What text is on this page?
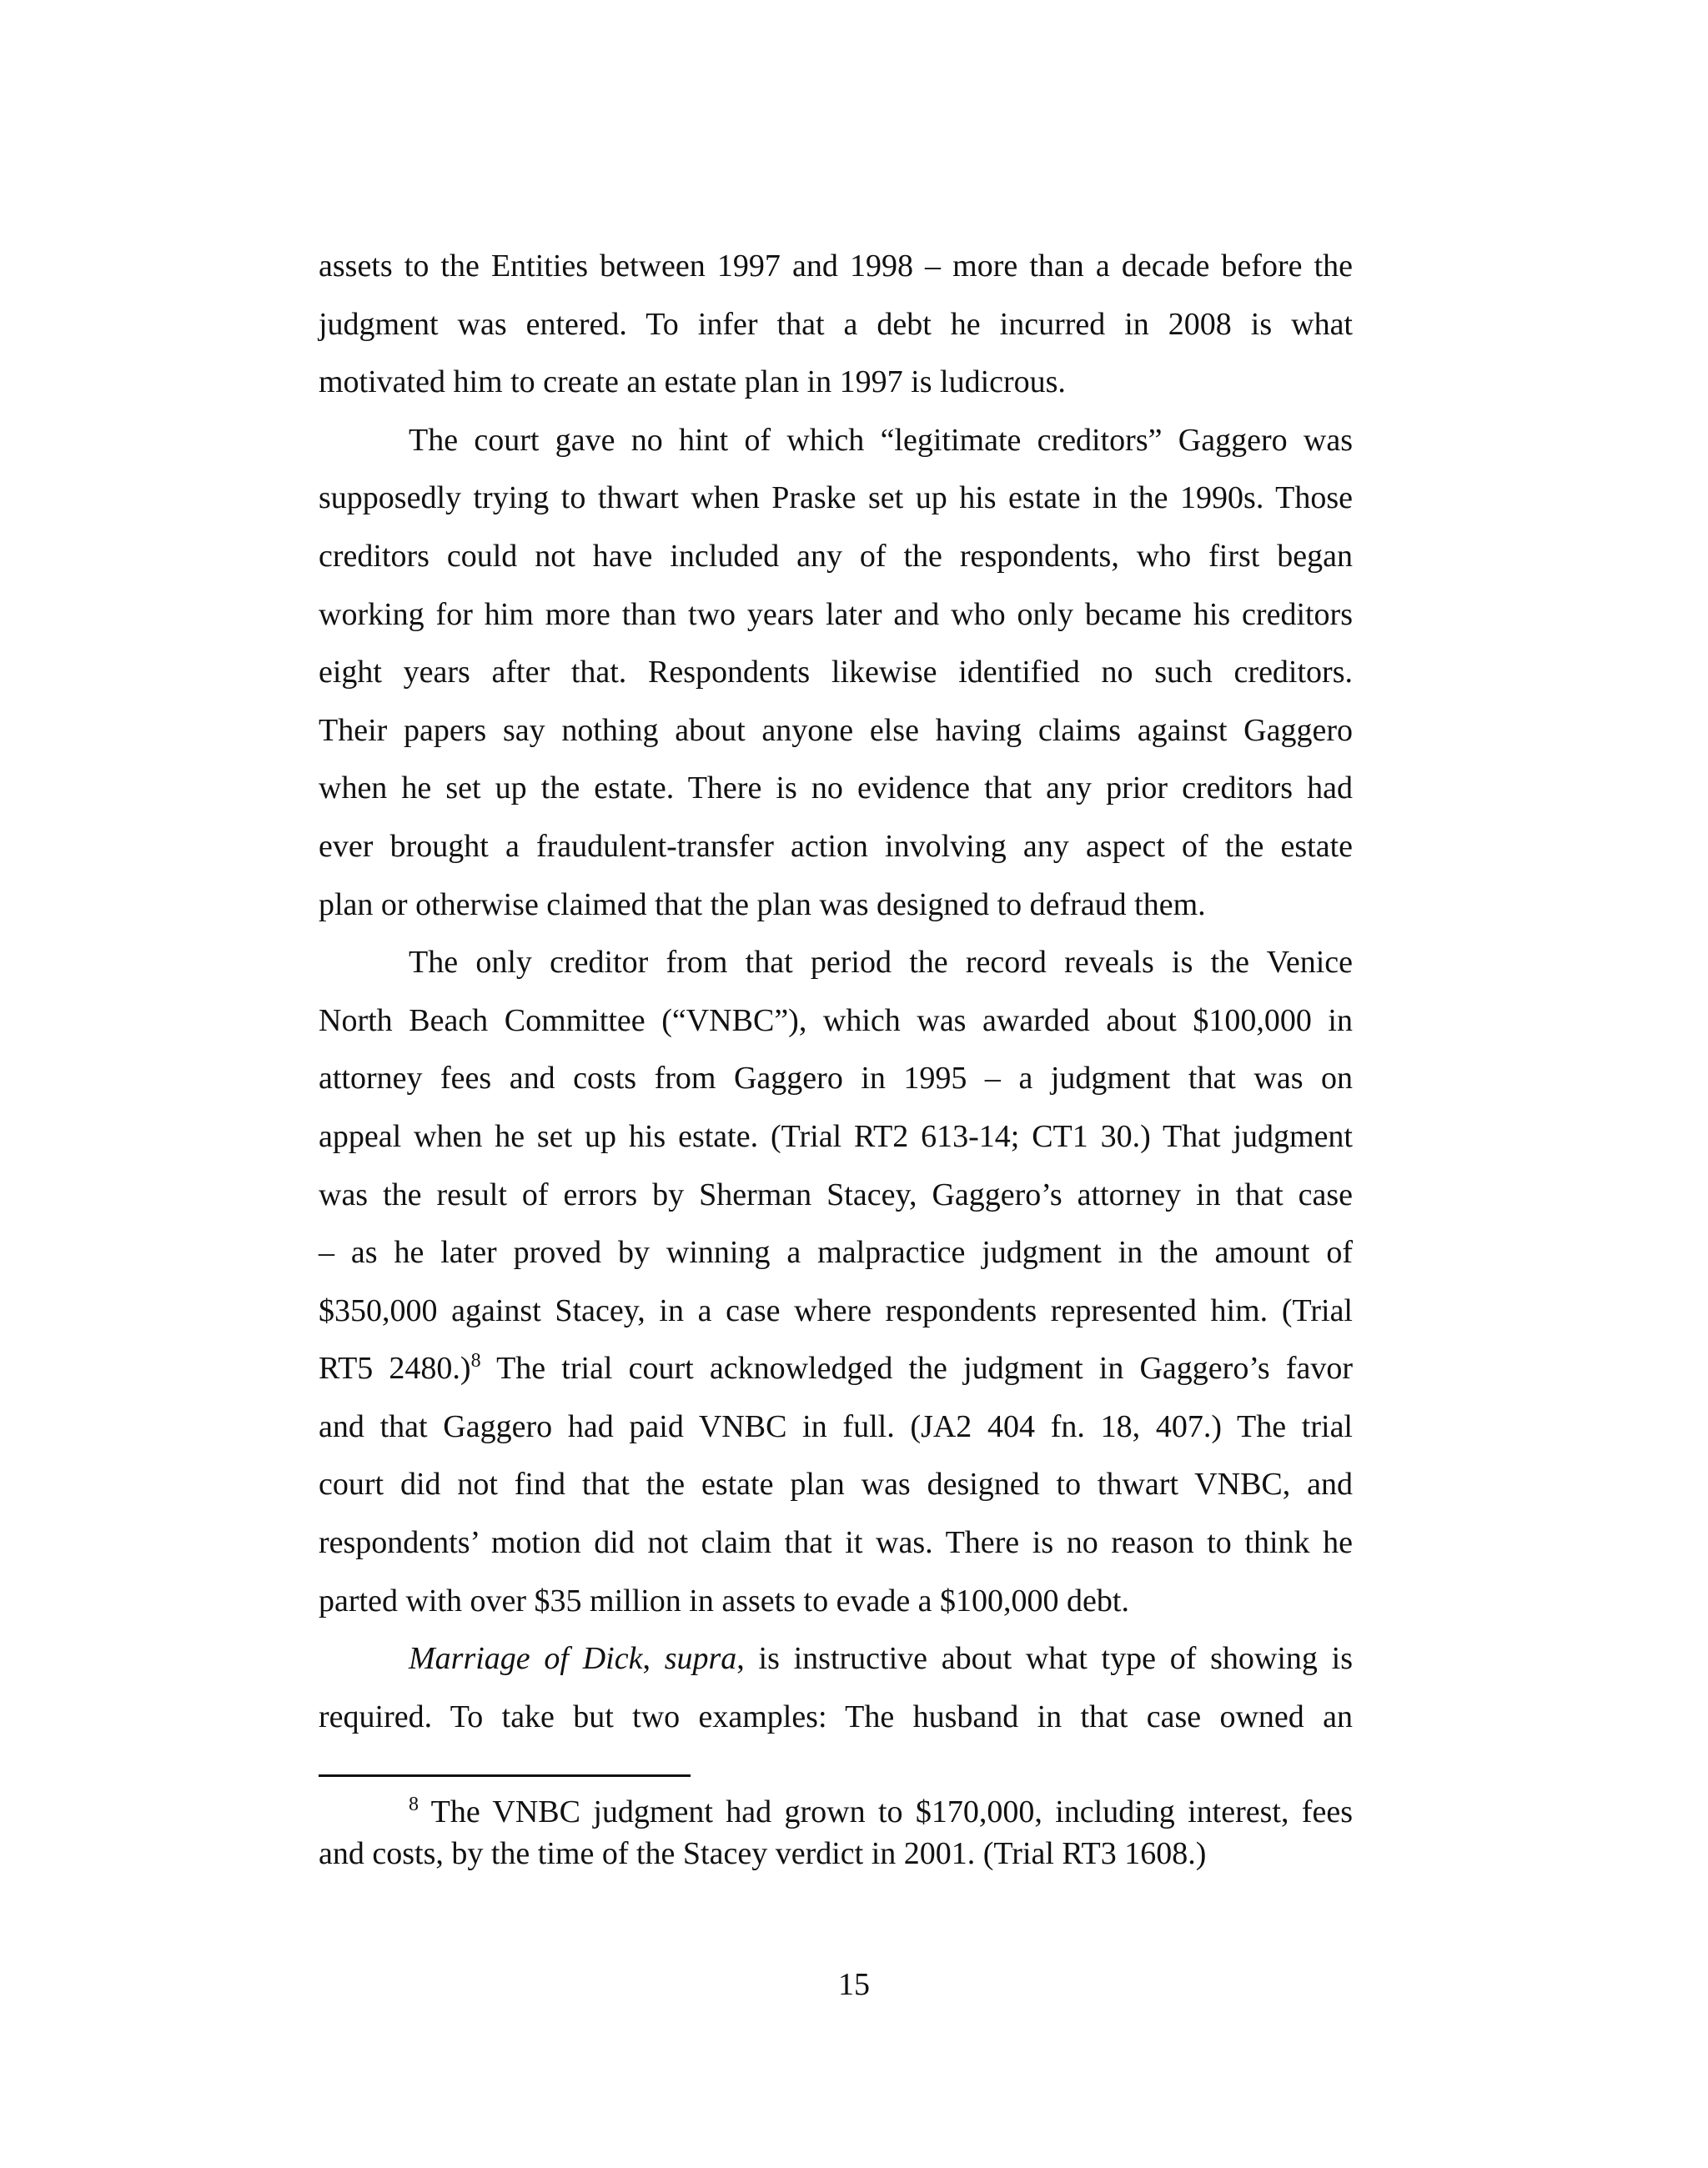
assets to the Entities between 1997 and 1998 – more than a decade before the
judgment was entered. To infer that a debt he incurred in 2008 is what
motivated him to create an estate plan in 1997 is ludicrous.
The court gave no hint of which “legitimate creditors” Gaggero was
supposedly trying to thwart when Praske set up his estate in the 1990s. Those
creditors could not have included any of the respondents, who first began
working for him more than two years later and who only became his creditors
eight years after that. Respondents likewise identified no such creditors.
Their papers say nothing about anyone else having claims against Gaggero
when he set up the estate. There is no evidence that any prior creditors had
ever brought a fraudulent-transfer action involving any aspect of the estate
plan or otherwise claimed that the plan was designed to defraud them.
The only creditor from that period the record reveals is the Venice
North Beach Committee (“VNBC”), which was awarded about $100,000 in
attorney fees and costs from Gaggero in 1995 – a judgment that was on
appeal when he set up his estate. (Trial RT2 613-14; CT1 30.) That judgment
was the result of errors by Sherman Stacey, Gaggero’s attorney in that case
– as he later proved by winning a malpractice judgment in the amount of
$350,000 against Stacey, in a case where respondents represented him. (Trial
RT5 2480.)$^8$ The trial court acknowledged the judgment in Gaggero’s favor
and that Gaggero had paid VNBC in full. (JA2 404 fn. 18, 407.) The trial
court did not find that the estate plan was designed to thwart VNBC, and
respondents’ motion did not claim that it was. There is no reason to think he
parted with over $35 million in assets to evade a $100,000 debt.
Marriage of Dick, supra, is instructive about what type of showing is
required. To take but two examples: The husband in that case owned an
$^8$ The VNBC judgment had grown to $170,000, including interest, fees
and costs, by the time of the Stacey verdict in 2001. (Trial RT3 1608.)
15
